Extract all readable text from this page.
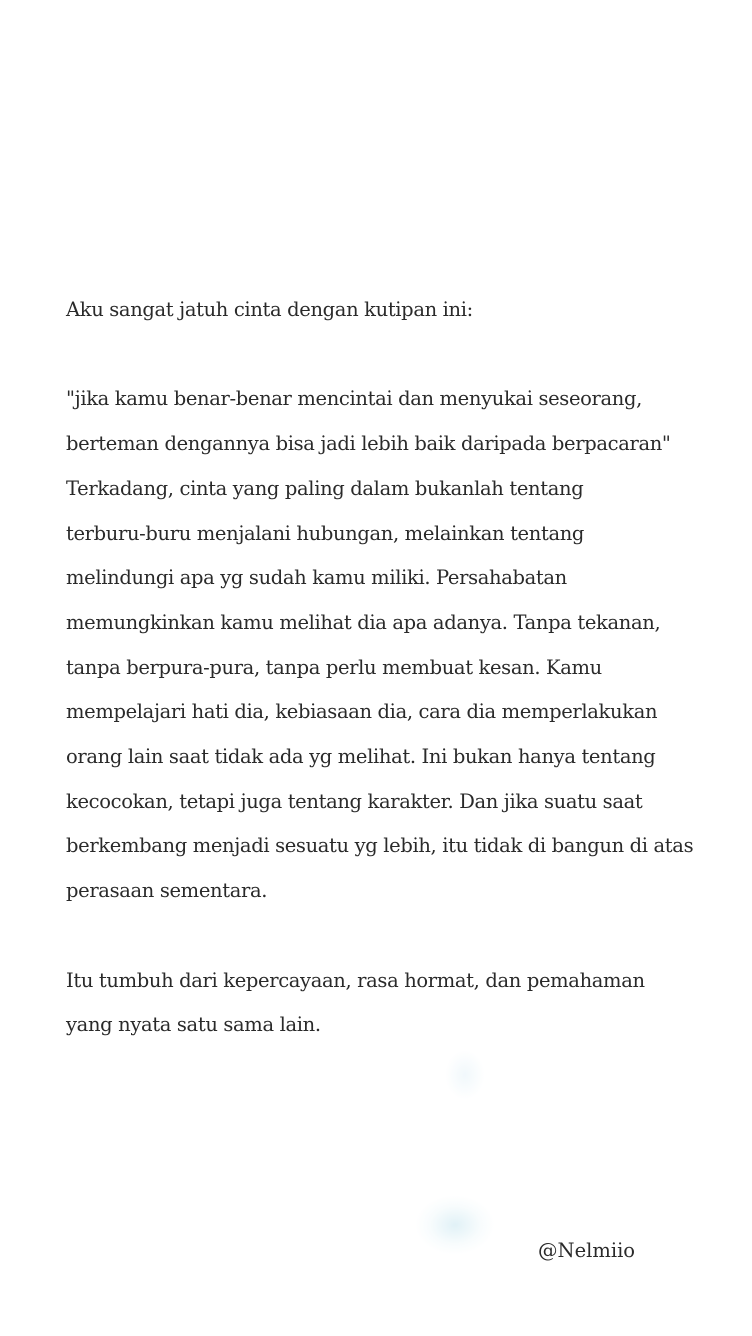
Aku sangat jatuh cinta dengan kutipan ini:
"jika kamu benar-benar mencintai dan menyukai seseorang,
berteman dengannya bisa jadi lebih baik daripada berpacaran"
Terkadang, cinta yang paling dalam bukanlah tentang
terburu-buru menjalani hubungan, melainkan tentang
melindungi apa yg sudah kamu miliki. Persahabatan
memungkinkan kamu melihat dia apa adanya. Tanpa tekanan,
tanpa berpura-pura, tanpa perlu membuat kesan. Kamu
mempelajari hati dia, kebiasaan dia, cara dia memperlakukan
orang lain saat tidak ada yg melihat. Ini bukan hanya tentang
kecocokan, tetapi juga tentang karakter. Dan jika suatu saat
berkembang menjadi sesuatu yg lebih, itu tidak di bangun di atas
perasaan sementara.
Itu tumbuh dari kepercayaan, rasa hormat, dan pemahaman
yang nyata satu sama lain.
@Nelmiio
